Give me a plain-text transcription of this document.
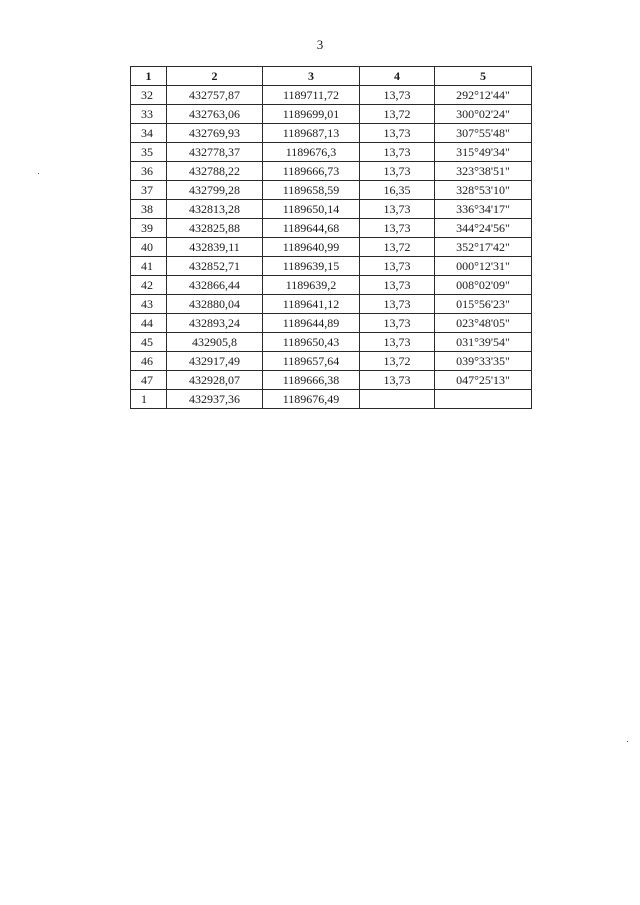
3
1	2	3	4	5
32	432757,87	1189711,72	13,73	292°12'44"
33	432763,06	1189699,01	13,72	300°02'24"
34	432769,93	1189687,13	13,73	307°55'48"
35	432778,37	1189676,3	13,73	315°49'34"
36	432788,22	1189666,73	13,73	323°38'51"
37	432799,28	1189658,59	16,35	328°53'10"
38	432813,28	1189650,14	13,73	336°34'17"
39	432825,88	1189644,68	13,73	344°24'56"
40	432839,11	1189640,99	13,72	352°17'42"
41	432852,71	1189639,15	13,73	000°12'31"
42	432866,44	1189639,2	13,73	008°02'09"
43	432880,04	1189641,12	13,73	015°56'23"
44	432893,24	1189644,89	13,73	023°48'05"
45	432905,8	1189650,43	13,73	031°39'54"
46	432917,49	1189657,64	13,72	039°33'35"
47	432928,07	1189666,38	13,73	047°25'13"
1	432937,36	1189676,49		
